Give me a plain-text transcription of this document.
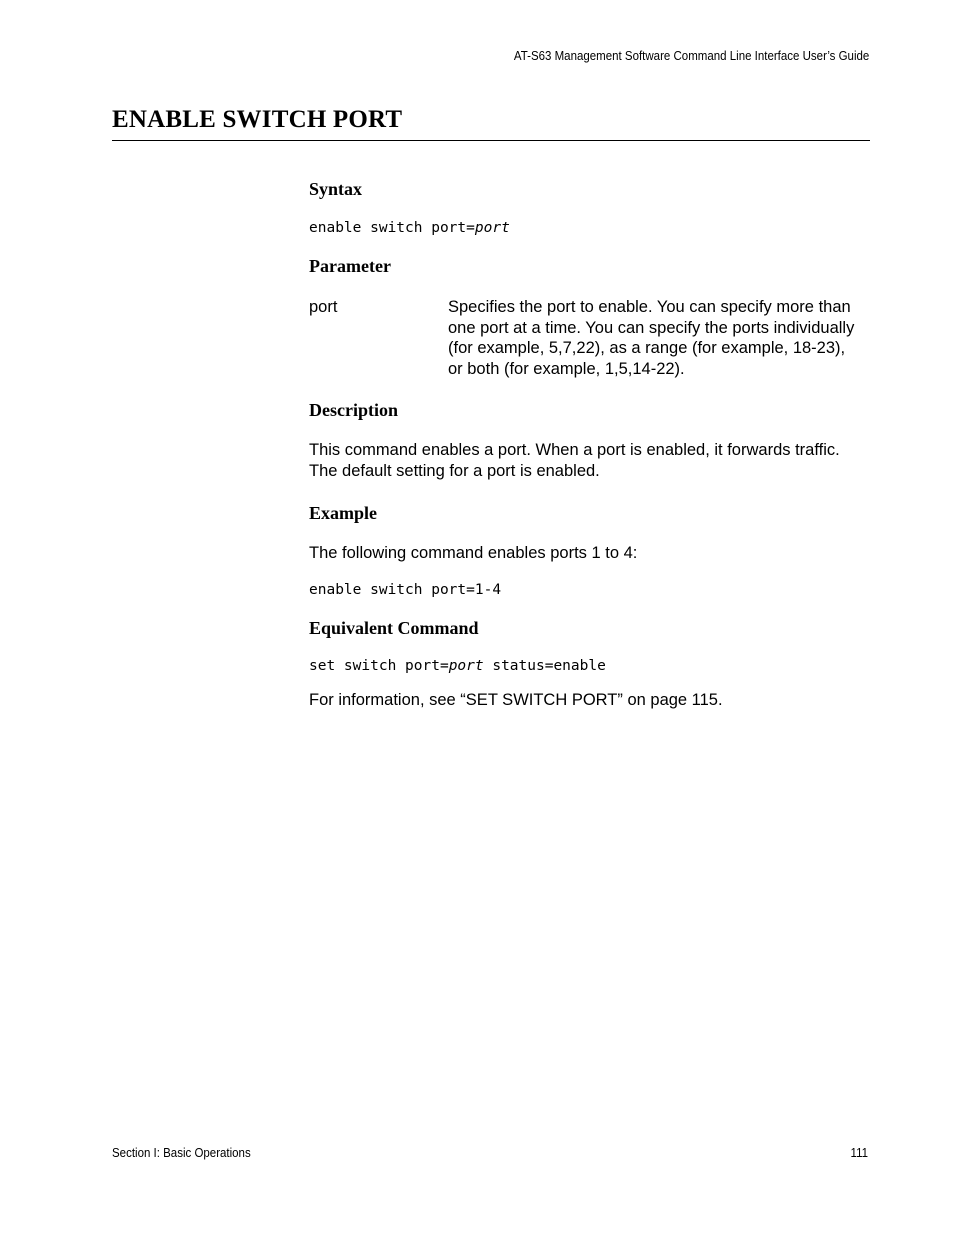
AT-S63 Management Software Command Line Interface User’s Guide
ENABLE SWITCH PORT
Syntax
enable switch port=port
Parameter
port	Specifies the port to enable. You can specify more than
one port at a time. You can specify the ports individually
(for example, 5,7,22), as a range (for example, 18-23),
or both (for example, 1,5,14-22).
Description
This command enables a port. When a port is enabled, it forwards traffic.
The default setting for a port is enabled.
Example
The following command enables ports 1 to 4:
enable switch port=1-4
Equivalent Command
set switch port=port status=enable
For information, see “SET SWITCH PORT” on page 115.
Section I: Basic Operations	111
